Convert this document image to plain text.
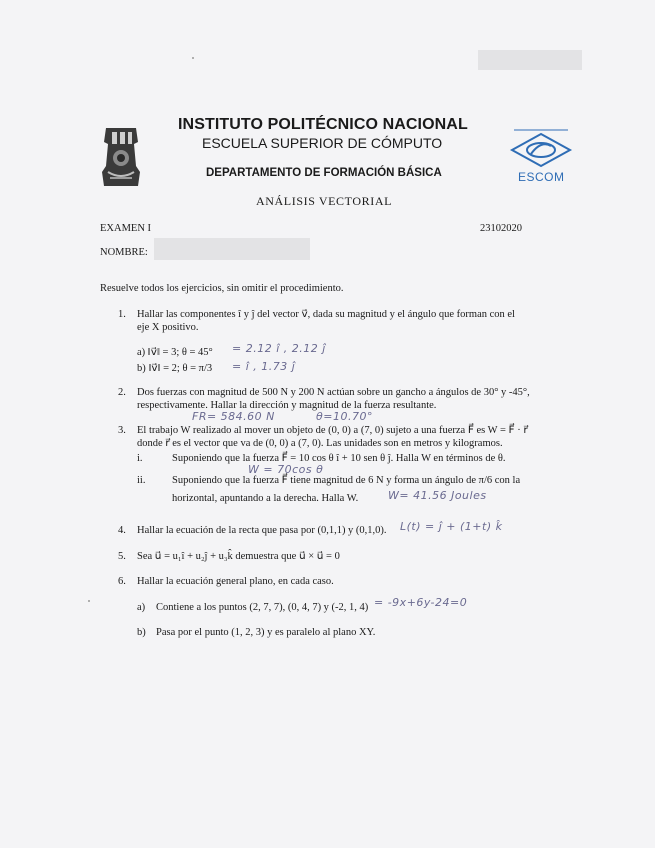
INSTITUTO POLITÉCNICO NACIONAL
ESCUELA SUPERIOR DE CÓMPUTO
DEPARTAMENTO DE FORMACIÓN BÁSICA
ANÁLISIS VECTORIAL
ESCOM
EXAMEN I	23102020
NOMBRE:
Resuelve todos los ejercicios, sin omitir el procedimiento.
1. Hallar las componentes î y ĵ del vector v⃗, dada su magnitud y el ángulo que forman con el
eje X positivo.
a) ‖v⃗‖ = 3; θ = 45° = 2.12 î , 2.12 ĵ
b) ‖v⃗‖ = 2; θ = π/3 = î , 1.73 ĵ
2. Dos fuerzas con magnitud de 500 N y 200 N actúan sobre un gancho a ángulos de 30° y -45°,
respectivamente. Hallar la dirección y magnitud de la fuerza resultante.
FR= 584.60 N	θ=10.70°
3. El trabajo W realizado al mover un objeto de (0, 0) a (7, 0) sujeto a una fuerza F⃗ es W = F⃗ · r⃗
donde r⃗ es el vector que va de (0, 0) a (7, 0). Las unidades son en metros y kilogramos.
i.	Suponiendo que la fuerza F⃗ = 10 cos θ î + 10 sen θ ĵ. Halla W en términos de θ.
W = 70cos θ
ii.	Suponiendo que la fuerza F⃗ tiene magnitud de 6 N y forma un ángulo de π/6 con la
horizontal, apuntando a la derecha. Halla W.	W= 41.56 Joules
4. Hallar la ecuación de la recta que pasa por (0,1,1) y (0,1,0). L(t) = ĵ + (1+t) k̂
5. Sea u⃗ = u₁î + u₂ĵ + u₃k̂ demuestra que u⃗ × u⃗ = 0
6. Hallar la ecuación general plano, en cada caso.
a) Contiene a los puntos (2, 7, 7), (0, 4, 7) y (-2, 1, 4) = -9x+6y-24=0
b) Pasa por el punto (1, 2, 3) y es paralelo al plano XY.
